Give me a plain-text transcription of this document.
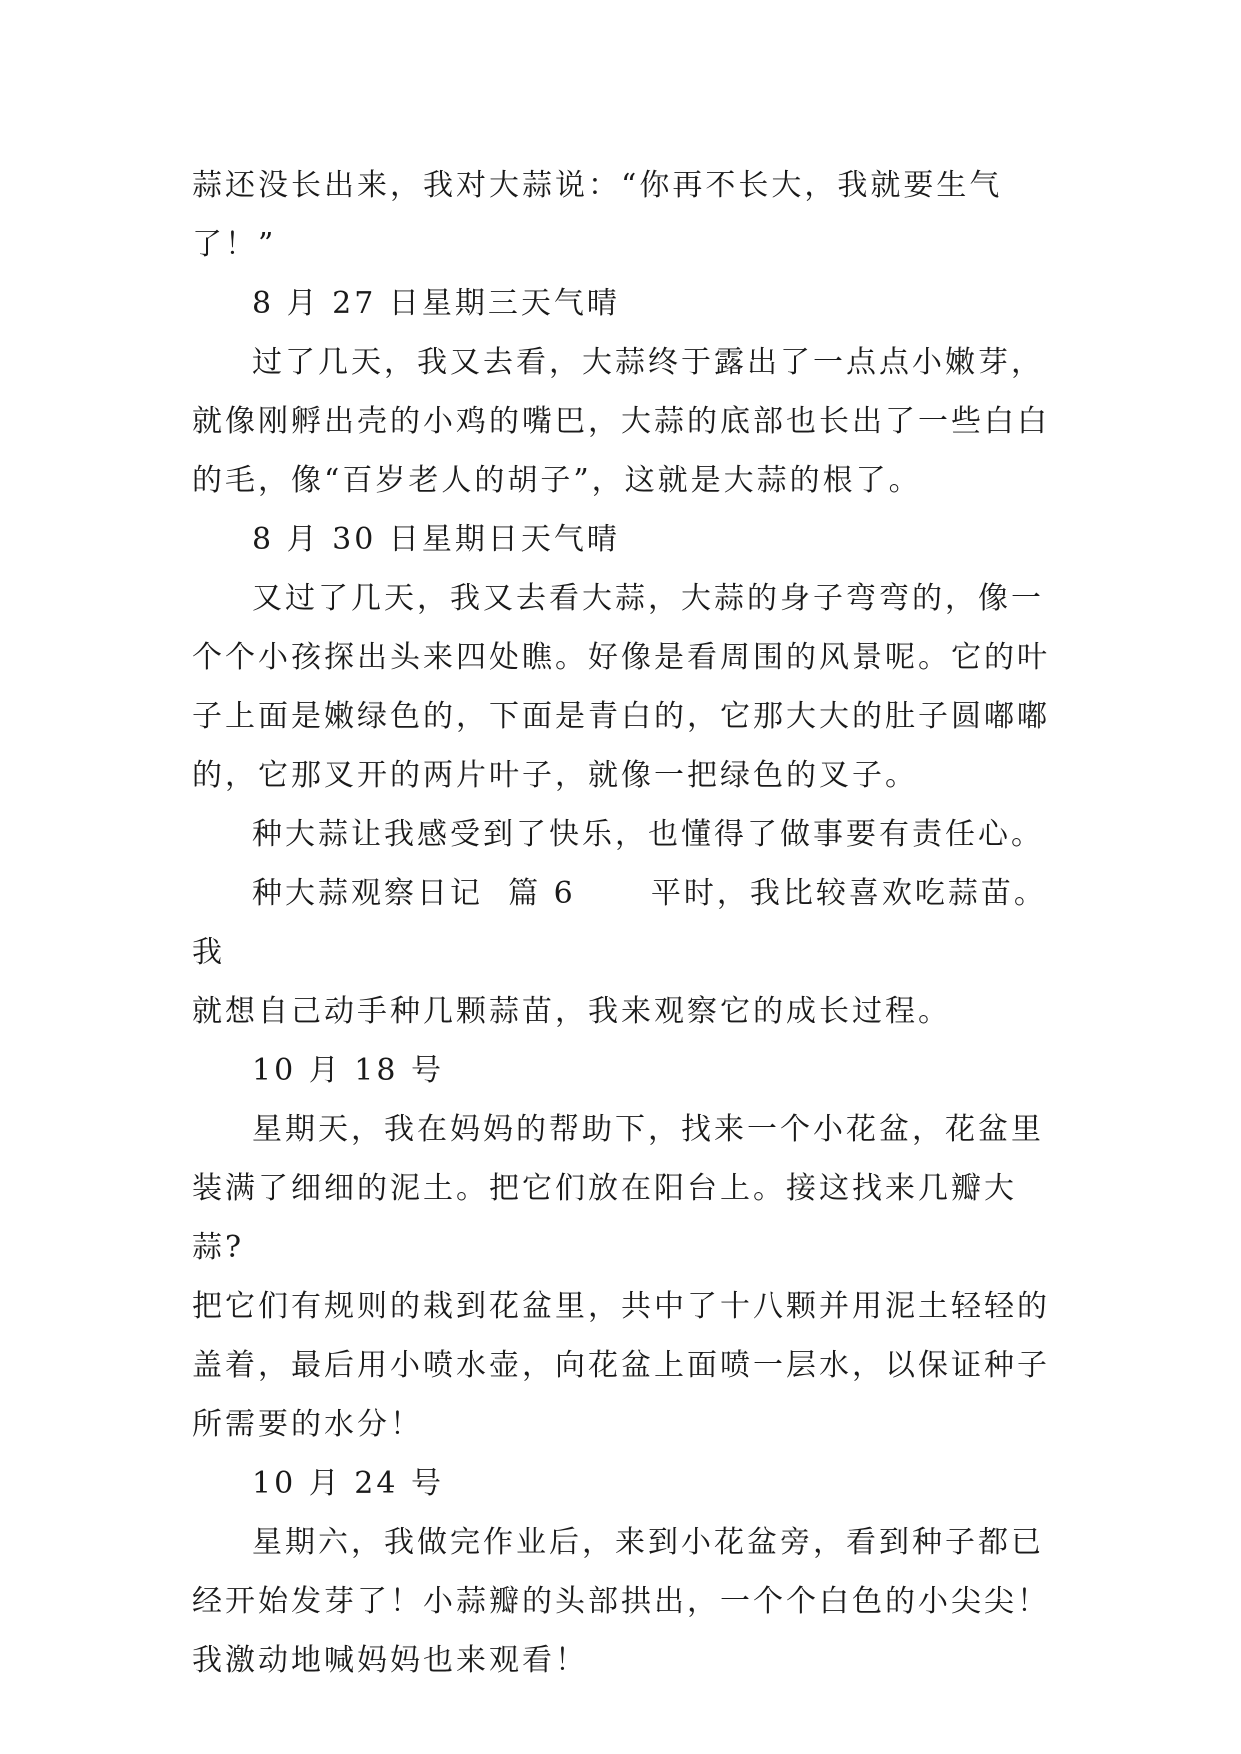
蒜还没长出来，我对大蒜说：“你再不长大，我就要生气

了！”

8 月 27 日星期三天气晴

过了几天，我又去看，大蒜终于露出了一点点小嫩芽，

就像刚孵出壳的小鸡的嘴巴，大蒜的底部也长出了一些白白

的毛，像“百岁老人的胡子”，这就是大蒜的根了。

8 月 30 日星期日天气晴

又过了几天，我又去看大蒜，大蒜的身子弯弯的，像一

个个小孩探出头来四处瞧。好像是看周围的风景呢。它的叶

子上面是嫩绿色的，下面是青白的，它那大大的肚子圆嘟嘟

的，它那叉开的两片叶子，就像一把绿色的叉子。

种大蒜让我感受到了快乐，也懂得了做事要有责任心。

种大蒜观察日记  篇 6      平时，我比较喜欢吃蒜苗。我

就想自己动手种几颗蒜苗，我来观察它的成长过程。

10 月 18 号

星期天，我在妈妈的帮助下，找来一个小花盆，花盆里

装满了细细的泥土。把它们放在阳台上。接这找来几瓣大蒜?

把它们有规则的栽到花盆里，共中了十八颗并用泥土轻轻的

盖着，最后用小喷水壶，向花盆上面喷一层水，以保证种子

所需要的水分！

10 月 24 号

星期六，我做完作业后，来到小花盆旁，看到种子都已

经开始发芽了！小蒜瓣的头部拱出，一个个白色的小尖尖！

我激动地喊妈妈也来观看！
